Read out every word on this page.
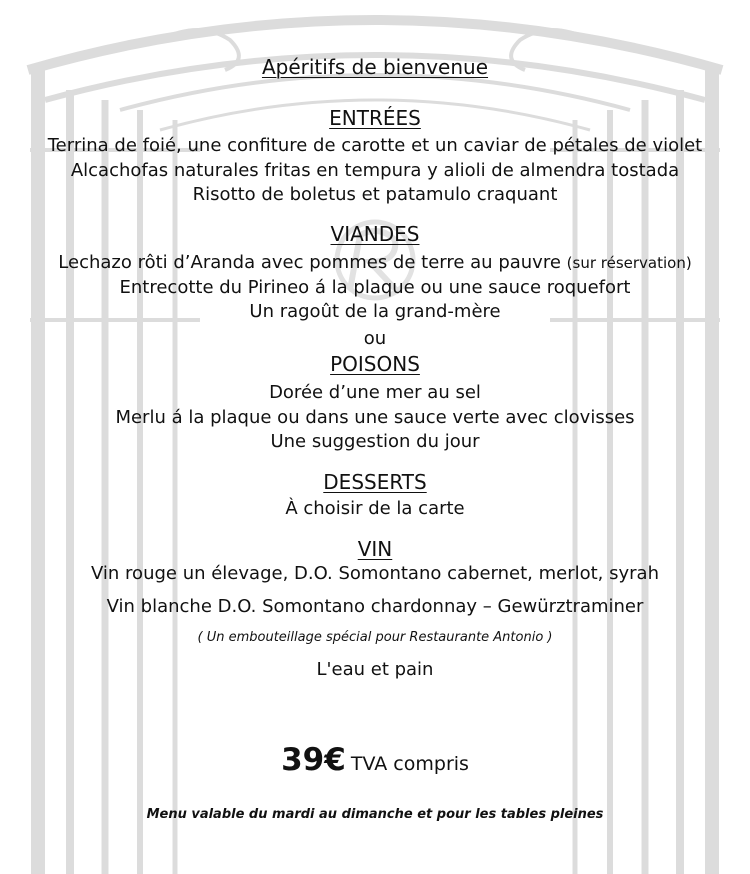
Apéritifs de bienvenue

ENTRÉES

Terrina de foié, une confiture de carotte et un caviar de pétales de violet

Alcachofas naturales fritas en tempura y alioli de almendra tostada

Risotto de boletus et patamulo craquant

VIANDES

Lechazo rôti d’Aranda avec pommes de terre au pauvre (sur réservation)

Entrecotte du Pirineo á la plaque ou une sauce roquefort

Un ragoût de la grand-mère

ou

POISONS

Dorée d’une mer au sel

Merlu á la plaque ou dans une sauce verte avec clovisses

Une suggestion du jour

DESSERTS

À choisir de la carte

VIN

Vin rouge un élevage, D.O. Somontano cabernet, merlot, syrah

Vin blanche D.O. Somontano chardonnay – Gewürztraminer

( Un embouteillage spécial pour Restaurante Antonio )

L'eau et pain

39€ TVA compris

Menu valable du mardi au dimanche et pour les tables pleines
